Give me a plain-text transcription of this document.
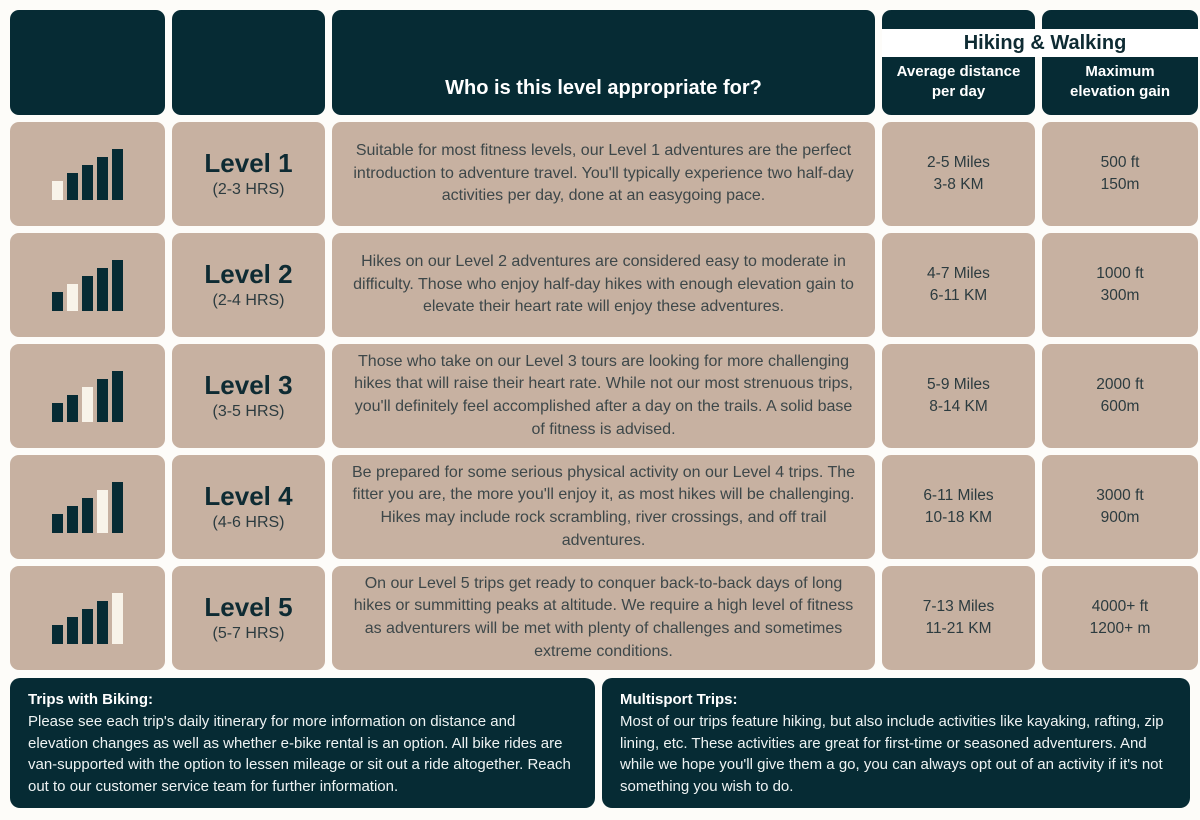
Who is this level appropriate for?
Average distance
per day
Maximum
elevation gain
Hiking & Walking
Level 1
(2-3 HRS)

Suitable for most fitness levels, our Level 1 adventures are the perfect introduction to adventure travel. You'll typically experience two half-day activities per day, done at an easygoing pace.

2-5 Miles
3-8 KM
500 ft
150m
Level 2
(2-4 HRS)

Hikes on our Level 2 adventures are considered easy to moderate in difficulty. Those who enjoy half-day hikes with enough elevation gain to elevate their heart rate will enjoy these adventures.

4-7 Miles
6-11 KM
1000 ft
300m
Level 3
(3-5 HRS)

Those who take on our Level 3 tours are looking for more challenging hikes that will raise their heart rate. While not our most strenuous trips, you'll definitely feel accomplished after a day on the trails. A solid base of fitness is advised.

5-9 Miles
8-14 KM
2000 ft
600m
Level 4
(4-6 HRS)

Be prepared for some serious physical activity on our Level 4 trips. The fitter you are, the more you'll enjoy it, as most hikes will be challenging. Hikes may include rock scrambling, river crossings, and off trail adventures.

6-11 Miles
10-18 KM
3000 ft
900m
Level 5
(5-7 HRS)

On our Level 5 trips get ready to conquer back-to-back days of long hikes or summitting peaks at altitude. We require a high level of fitness as adventurers will be met with plenty of challenges and sometimes extreme conditions.

7-13 Miles
11-21 KM
4000+ ft
1200+ m
Trips with Biking:
Please see each trip's daily itinerary for more information on distance and elevation changes as well as whether e-bike rental is an option. All bike rides are van-supported with the option to lessen mileage or sit out a ride altogether. Reach out to our customer service team for further information.
Multisport Trips:
Most of our trips feature hiking, but also include activities like kayaking, rafting, zip lining, etc. These activities are great for first-time or seasoned adventurers. And while we hope you'll give them a go, you can always opt out of an activity if it's not something you wish to do.
